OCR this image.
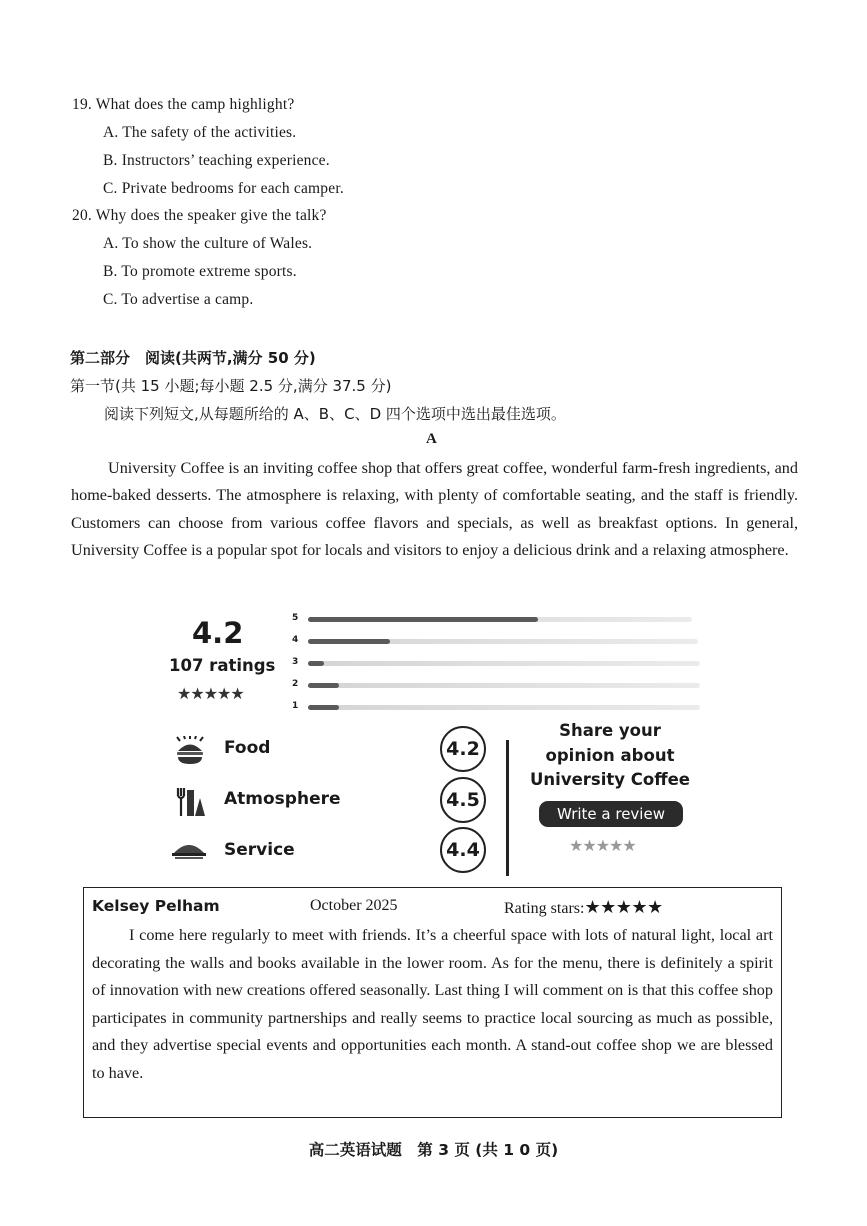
19. What does the camp highlight?
A. The safety of the activities.
B. Instructors’ teaching experience.
C. Private bedrooms for each camper.
20. Why does the speaker give the talk?
A. To show the culture of Wales.
B. To promote extreme sports.
C. To advertise a camp.
第二部分　阅读(共两节,满分 50 分)
第一节(共 15 小题;每小题 2.5 分,满分 37.5 分)
阅读下列短文,从每题所给的 A、B、C、D 四个选项中选出最佳选项。
A
University Coffee is an inviting coffee shop that offers great coffee, wonderful farm-fresh ingredients, and home-baked desserts. The atmosphere is relaxing, with plenty of comfortable seating, and the staff is friendly. Customers can choose from various coffee flavors and specials, as well as breakfast options. In general, University Coffee is a popular spot for locals and visitors to enjoy a delicious drink and a relaxing atmosphere.
4.2
107 ratings
★★★★★
5
4
3
2
1
Food
Atmosphere
Service
4.2
4.5
4.4
Share your
opinion about
University Coffee
Write a review
★★★★★
Kelsey Pelham	October 2025	Rating stars:★★★★★
I come here regularly to meet with friends. It’s a cheerful space with lots of natural light, local art decorating the walls and books available in the lower room. As for the menu, there is definitely a spirit of innovation with new creations offered seasonally. Last thing I will comment on is that this coffee shop participates in community partnerships and really seems to practice local sourcing as much as possible, and they advertise special events and opportunities each month. A stand-out coffee shop we are blessed to have.
高二英语试题　第 3 页 (共 1 0 页)
